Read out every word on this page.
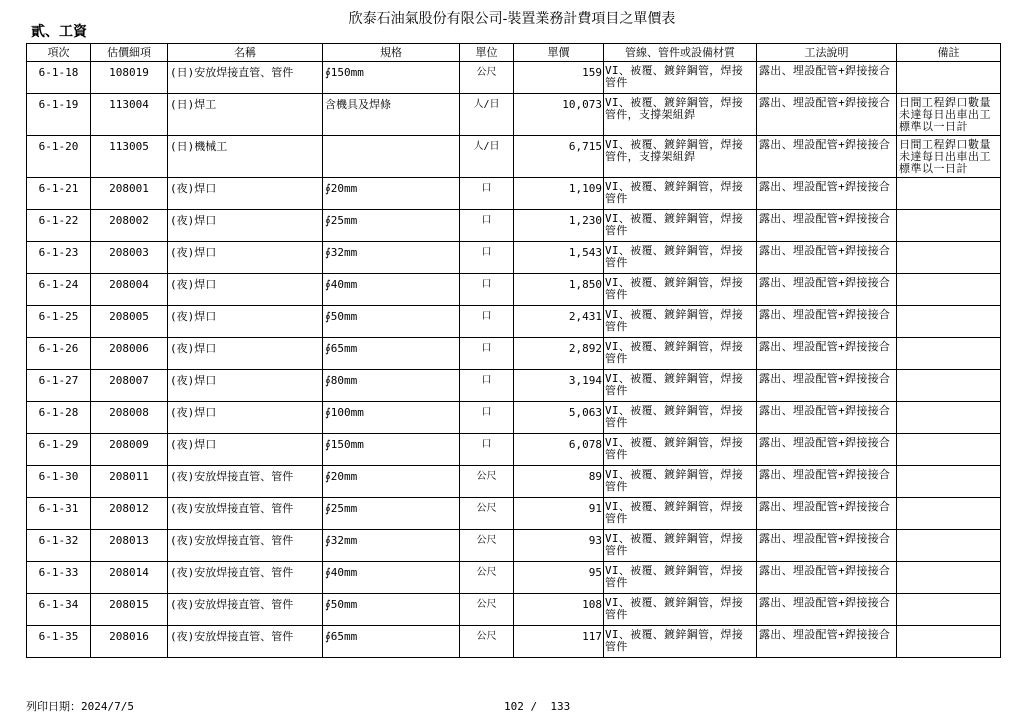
欣泰石油氣股份有限公司-裝置業務計費項目之單價表
貳、工資
項次	估價細項	名稱	規格	單位	單價	管線、管件或設備材質	工法說明	備註
6-1-18	108019	(日)安放焊接直管、管件	∮150mm	公尺	159	VI、被覆、鍍鋅鋼管，焊接管件	露出、埋設配管+銲接接合	
6-1-19	113004	(日)焊工	含機具及焊條	人/日	10,073	VI、被覆、鍍鋅鋼管，焊接管件，支撐架組銲	露出、埋設配管+銲接接合	日間工程銲口數量未達每日出車出工標準以一日計
6-1-20	113005	(日)機械工		人/日	6,715	VI、被覆、鍍鋅鋼管，焊接管件，支撐架組銲	露出、埋設配管+銲接接合	日間工程銲口數量未達每日出車出工標準以一日計
6-1-21	208001	(夜)焊口	∮20mm	口	1,109	VI、被覆、鍍鋅鋼管，焊接管件	露出、埋設配管+銲接接合	
6-1-22	208002	(夜)焊口	∮25mm	口	1,230	VI、被覆、鍍鋅鋼管，焊接管件	露出、埋設配管+銲接接合	
6-1-23	208003	(夜)焊口	∮32mm	口	1,543	VI、被覆、鍍鋅鋼管，焊接管件	露出、埋設配管+銲接接合	
6-1-24	208004	(夜)焊口	∮40mm	口	1,850	VI、被覆、鍍鋅鋼管，焊接管件	露出、埋設配管+銲接接合	
6-1-25	208005	(夜)焊口	∮50mm	口	2,431	VI、被覆、鍍鋅鋼管，焊接管件	露出、埋設配管+銲接接合	
6-1-26	208006	(夜)焊口	∮65mm	口	2,892	VI、被覆、鍍鋅鋼管，焊接管件	露出、埋設配管+銲接接合	
6-1-27	208007	(夜)焊口	∮80mm	口	3,194	VI、被覆、鍍鋅鋼管，焊接管件	露出、埋設配管+銲接接合	
6-1-28	208008	(夜)焊口	∮100mm	口	5,063	VI、被覆、鍍鋅鋼管，焊接管件	露出、埋設配管+銲接接合	
6-1-29	208009	(夜)焊口	∮150mm	口	6,078	VI、被覆、鍍鋅鋼管，焊接管件	露出、埋設配管+銲接接合	
6-1-30	208011	(夜)安放焊接直管、管件	∮20mm	公尺	89	VI、被覆、鍍鋅鋼管，焊接管件	露出、埋設配管+銲接接合	
6-1-31	208012	(夜)安放焊接直管、管件	∮25mm	公尺	91	VI、被覆、鍍鋅鋼管，焊接管件	露出、埋設配管+銲接接合	
6-1-32	208013	(夜)安放焊接直管、管件	∮32mm	公尺	93	VI、被覆、鍍鋅鋼管，焊接管件	露出、埋設配管+銲接接合	
6-1-33	208014	(夜)安放焊接直管、管件	∮40mm	公尺	95	VI、被覆、鍍鋅鋼管，焊接管件	露出、埋設配管+銲接接合	
6-1-34	208015	(夜)安放焊接直管、管件	∮50mm	公尺	108	VI、被覆、鍍鋅鋼管，焊接管件	露出、埋設配管+銲接接合	
6-1-35	208016	(夜)安放焊接直管、管件	∮65mm	公尺	117	VI、被覆、鍍鋅鋼管，焊接管件	露出、埋設配管+銲接接合	
列印日期：2024/7/5	102 /  133
